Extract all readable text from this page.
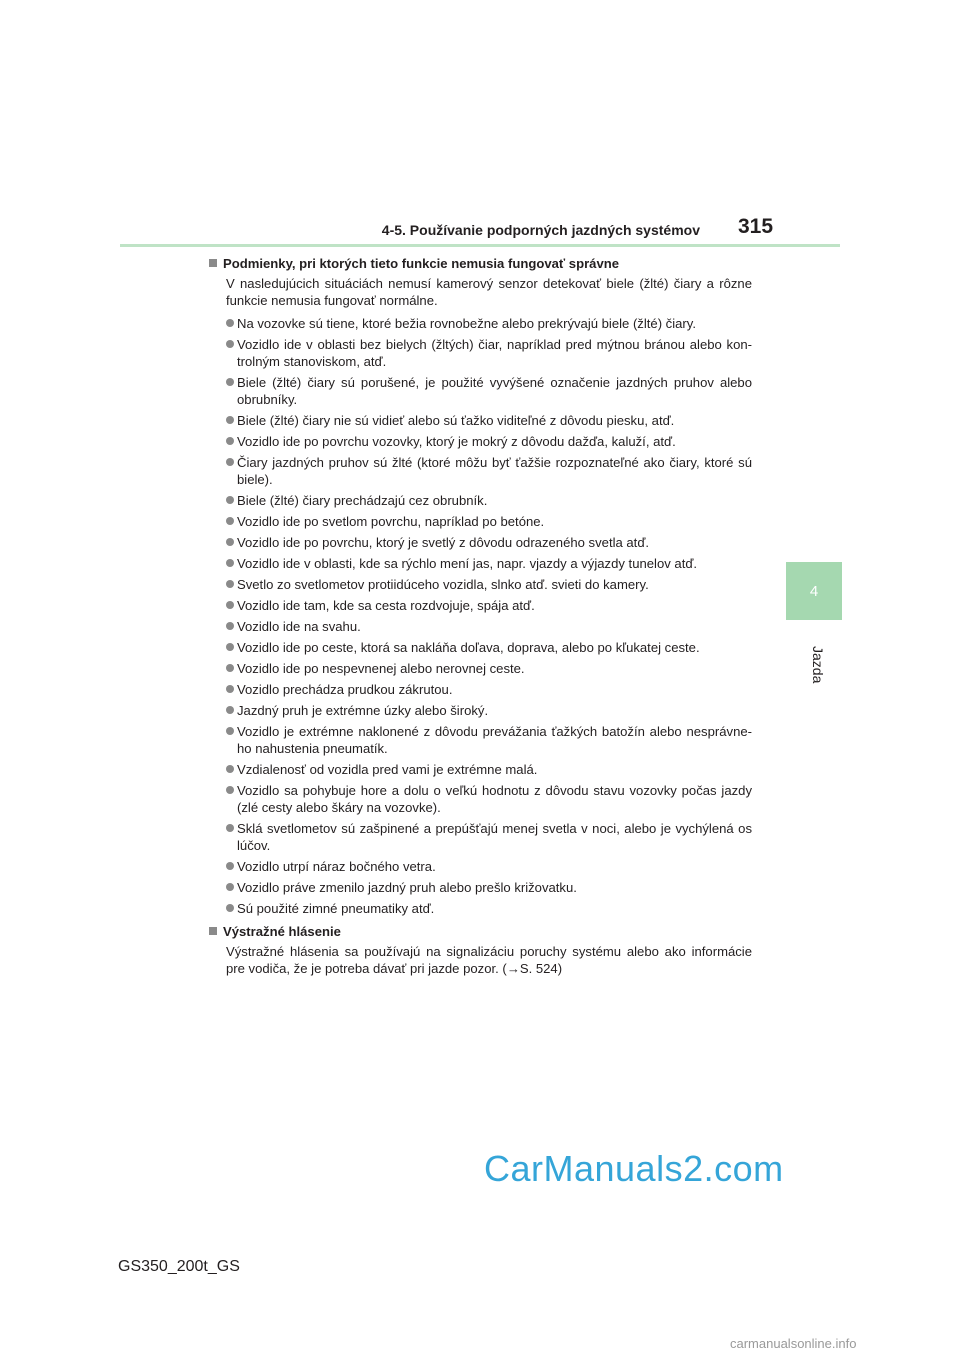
4-5. Používanie podporných jazdných systémov 315
4
Jazda
Podmienky, pri ktorých tieto funkcie nemusia fungovať správne
V nasledujúcich situáciách nemusí kamerový senzor detekovať biele (žlté) čiary a rôzne funkcie nemusia fungovať normálne.
Na vozovke sú tiene, ktoré bežia rovnobežne alebo prekrývajú biele (žlté) čiary.
Vozidlo ide v oblasti bez bielych (žltých) čiar, napríklad pred mýtnou bránou alebo kon-trolným stanoviskom, atď.
Biele (žlté) čiary sú porušené, je použité vyvýšené označenie jazdných pruhov alebo obrubníky.
Biele (žlté) čiary nie sú vidieť alebo sú ťažko viditeľné z dôvodu piesku, atď.
Vozidlo ide po povrchu vozovky, ktorý je mokrý z dôvodu dažďa, kaluží, atď.
Čiary jazdných pruhov sú žlté (ktoré môžu byť ťažšie rozpoznateľné ako čiary, ktoré sú biele).
Biele (žlté) čiary prechádzajú cez obrubník.
Vozidlo ide po svetlom povrchu, napríklad po betóne.
Vozidlo ide po povrchu, ktorý je svetlý z dôvodu odrazeného svetla atď.
Vozidlo ide v oblasti, kde sa rýchlo mení jas, napr. vjazdy a výjazdy tunelov atď.
Svetlo zo svetlometov protiidúceho vozidla, slnko atď. svieti do kamery.
Vozidlo ide tam, kde sa cesta rozdvojuje, spája atď.
Vozidlo ide na svahu.
Vozidlo ide po ceste, ktorá sa nakláňa doľava, doprava, alebo po kľukatej ceste.
Vozidlo ide po nespevnenej alebo nerovnej ceste.
Vozidlo prechádza prudkou zákrutou.
Jazdný pruh je extrémne úzky alebo široký.
Vozidlo je extrémne naklonené z dôvodu prevážania ťažkých batožín alebo nesprávne-ho nahustenia pneumatík.
Vzdialenosť od vozidla pred vami je extrémne malá.
Vozidlo sa pohybuje hore a dolu o veľkú hodnotu z dôvodu stavu vozovky počas jazdy (zlé cesty alebo škáry na vozovke).
Sklá svetlometov sú zašpinené a prepúšťajú menej svetla v noci, alebo je vychýlená os lúčov.
Vozidlo utrpí náraz bočného vetra.
Vozidlo práve zmenilo jazdný pruh alebo prešlo križovatku.
Sú použité zimné pneumatiky atď.
Výstražné hlásenie
Výstražné hlásenia sa používajú na signalizáciu poruchy systému alebo ako informácie pre vodiča, že je potreba dávať pri jazde pozor. (→S. 524)
CarManuals2.com
GS350_200t_GS
carmanualsonline.info
